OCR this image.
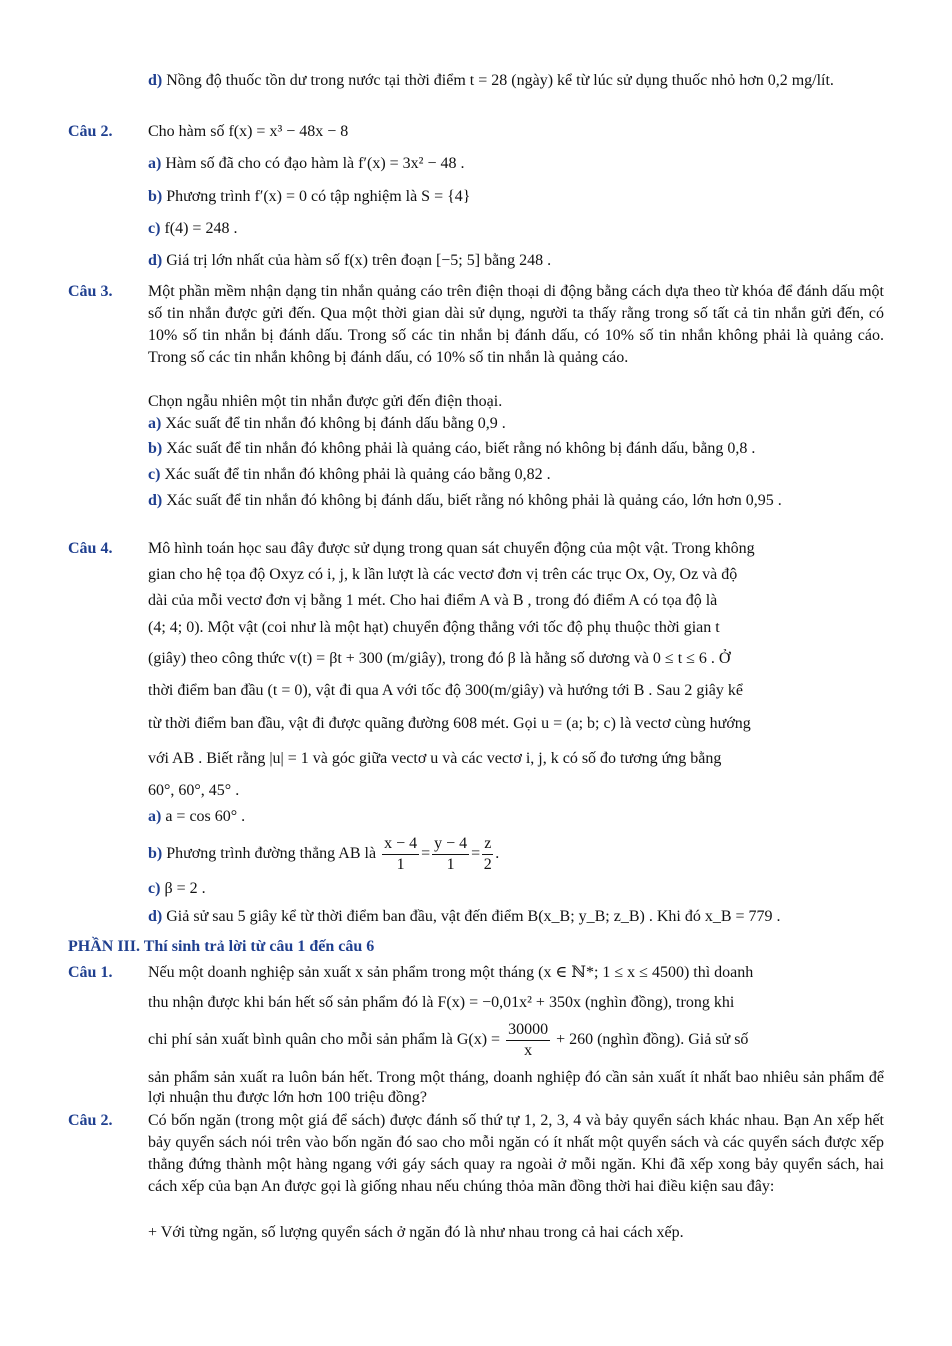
d) Nồng độ thuốc tồn dư trong nước tại thời điểm t = 28 (ngày) kể từ lúc sử dụng thuốc nhỏ hơn 0,2 mg/lít.
Câu 2. Cho hàm số f(x) = x³ − 48x − 8
a) Hàm số đã cho có đạo hàm là f′(x) = 3x² − 48 .
b) Phương trình f′(x) = 0 có tập nghiệm là S = {4}
c) f(4) = 248 .
d) Giá trị lớn nhất của hàm số f(x) trên đoạn [−5; 5] bằng 248 .
Câu 3. Một phần mềm nhận dạng tin nhắn quảng cáo trên điện thoại di động bằng cách dựa theo từ khóa để đánh dấu một số tin nhắn được gửi đến. Qua một thời gian dài sử dụng, người ta thấy rằng trong số tất cả tin nhắn gửi đến, có 10% số tin nhắn bị đánh dấu. Trong số các tin nhắn bị đánh dấu, có 10% số tin nhắn không phải là quảng cáo. Trong số các tin nhắn không bị đánh dấu, có 10% số tin nhắn là quảng cáo.
Chọn ngẫu nhiên một tin nhắn được gửi đến điện thoại.
a) Xác suất để tin nhắn đó không bị đánh dấu bằng 0,9 .
b) Xác suất để tin nhắn đó không phải là quảng cáo, biết rằng nó không bị đánh dấu, bằng 0,8 .
c) Xác suất để tin nhắn đó không phải là quảng cáo bằng 0,82 .
d) Xác suất để tin nhắn đó không bị đánh dấu, biết rằng nó không phải là quảng cáo, lớn hơn 0,95 .
Câu 4. Mô hình toán học sau đây được sử dụng trong quan sát chuyển động của một vật. Trong không
gian cho hệ tọa độ Oxyz có i, j, k lần lượt là các vectơ đơn vị trên các trục Ox, Oy, Oz và độ
dài của mỗi vectơ đơn vị bằng 1 mét. Cho hai điểm A và B , trong đó điểm A có tọa độ là
(4; 4; 0). Một vật (coi như là một hạt) chuyển động thẳng với tốc độ phụ thuộc thời gian t
(giây) theo công thức v(t) = βt + 300 (m/giây), trong đó β là hằng số dương và 0 ≤ t ≤ 6 . Ở
thời điểm ban đầu (t = 0), vật đi qua A với tốc độ 300(m/giây) và hướng tới B . Sau 2 giây kể
từ thời điểm ban đầu, vật đi được quãng đường 608 mét. Gọi u = (a; b; c) là vectơ cùng hướng
với AB . Biết rằng |u| = 1 và góc giữa vectơ u và các vectơ i, j, k có số đo tương ứng bằng
60°, 60°, 45° .
a) a = cos 60° .
b) Phương trình đường thẳng AB là $\frac{x - 4}{1} = \frac{y - 4}{1} = \frac{z}{2}$ .
c) β = 2 .
d) Giả sử sau 5 giây kể từ thời điểm ban đầu, vật đến điểm B(x_B; y_B; z_B) . Khi đó x_B = 779 .
PHẦN III. Thí sinh trả lời từ câu 1 đến câu 6
Câu 1. Nếu một doanh nghiệp sản xuất x sản phẩm trong một tháng (x ∈ ℕ*; 1 ≤ x ≤ 4500) thì doanh
thu nhận được khi bán hết số sản phẩm đó là F(x) = −0,01x² + 350x (nghìn đồng), trong khi
chi phí sản xuất bình quân cho mỗi sản phẩm là $G(x) = \frac{30000}{x} + 260$ (nghìn đồng). Giả sử số
sản phẩm sản xuất ra luôn bán hết. Trong một tháng, doanh nghiệp đó cần sản xuất ít nhất bao nhiêu sản phẩm để lợi nhuận thu được lớn hơn 100 triệu đồng?
Câu 2. Có bốn ngăn (trong một giá để sách) được đánh số thứ tự 1, 2, 3, 4 và bảy quyển sách khác nhau. Bạn An xếp hết bảy quyển sách nói trên vào bốn ngăn đó sao cho mỗi ngăn có ít nhất một quyển sách và các quyển sách được xếp thẳng đứng thành một hàng ngang với gáy sách quay ra ngoài ở mỗi ngăn. Khi đã xếp xong bảy quyển sách, hai cách xếp của bạn An được gọi là giống nhau nếu chúng thỏa mãn đồng thời hai điều kiện sau đây:
+ Với từng ngăn, số lượng quyển sách ở ngăn đó là như nhau trong cả hai cách xếp.
